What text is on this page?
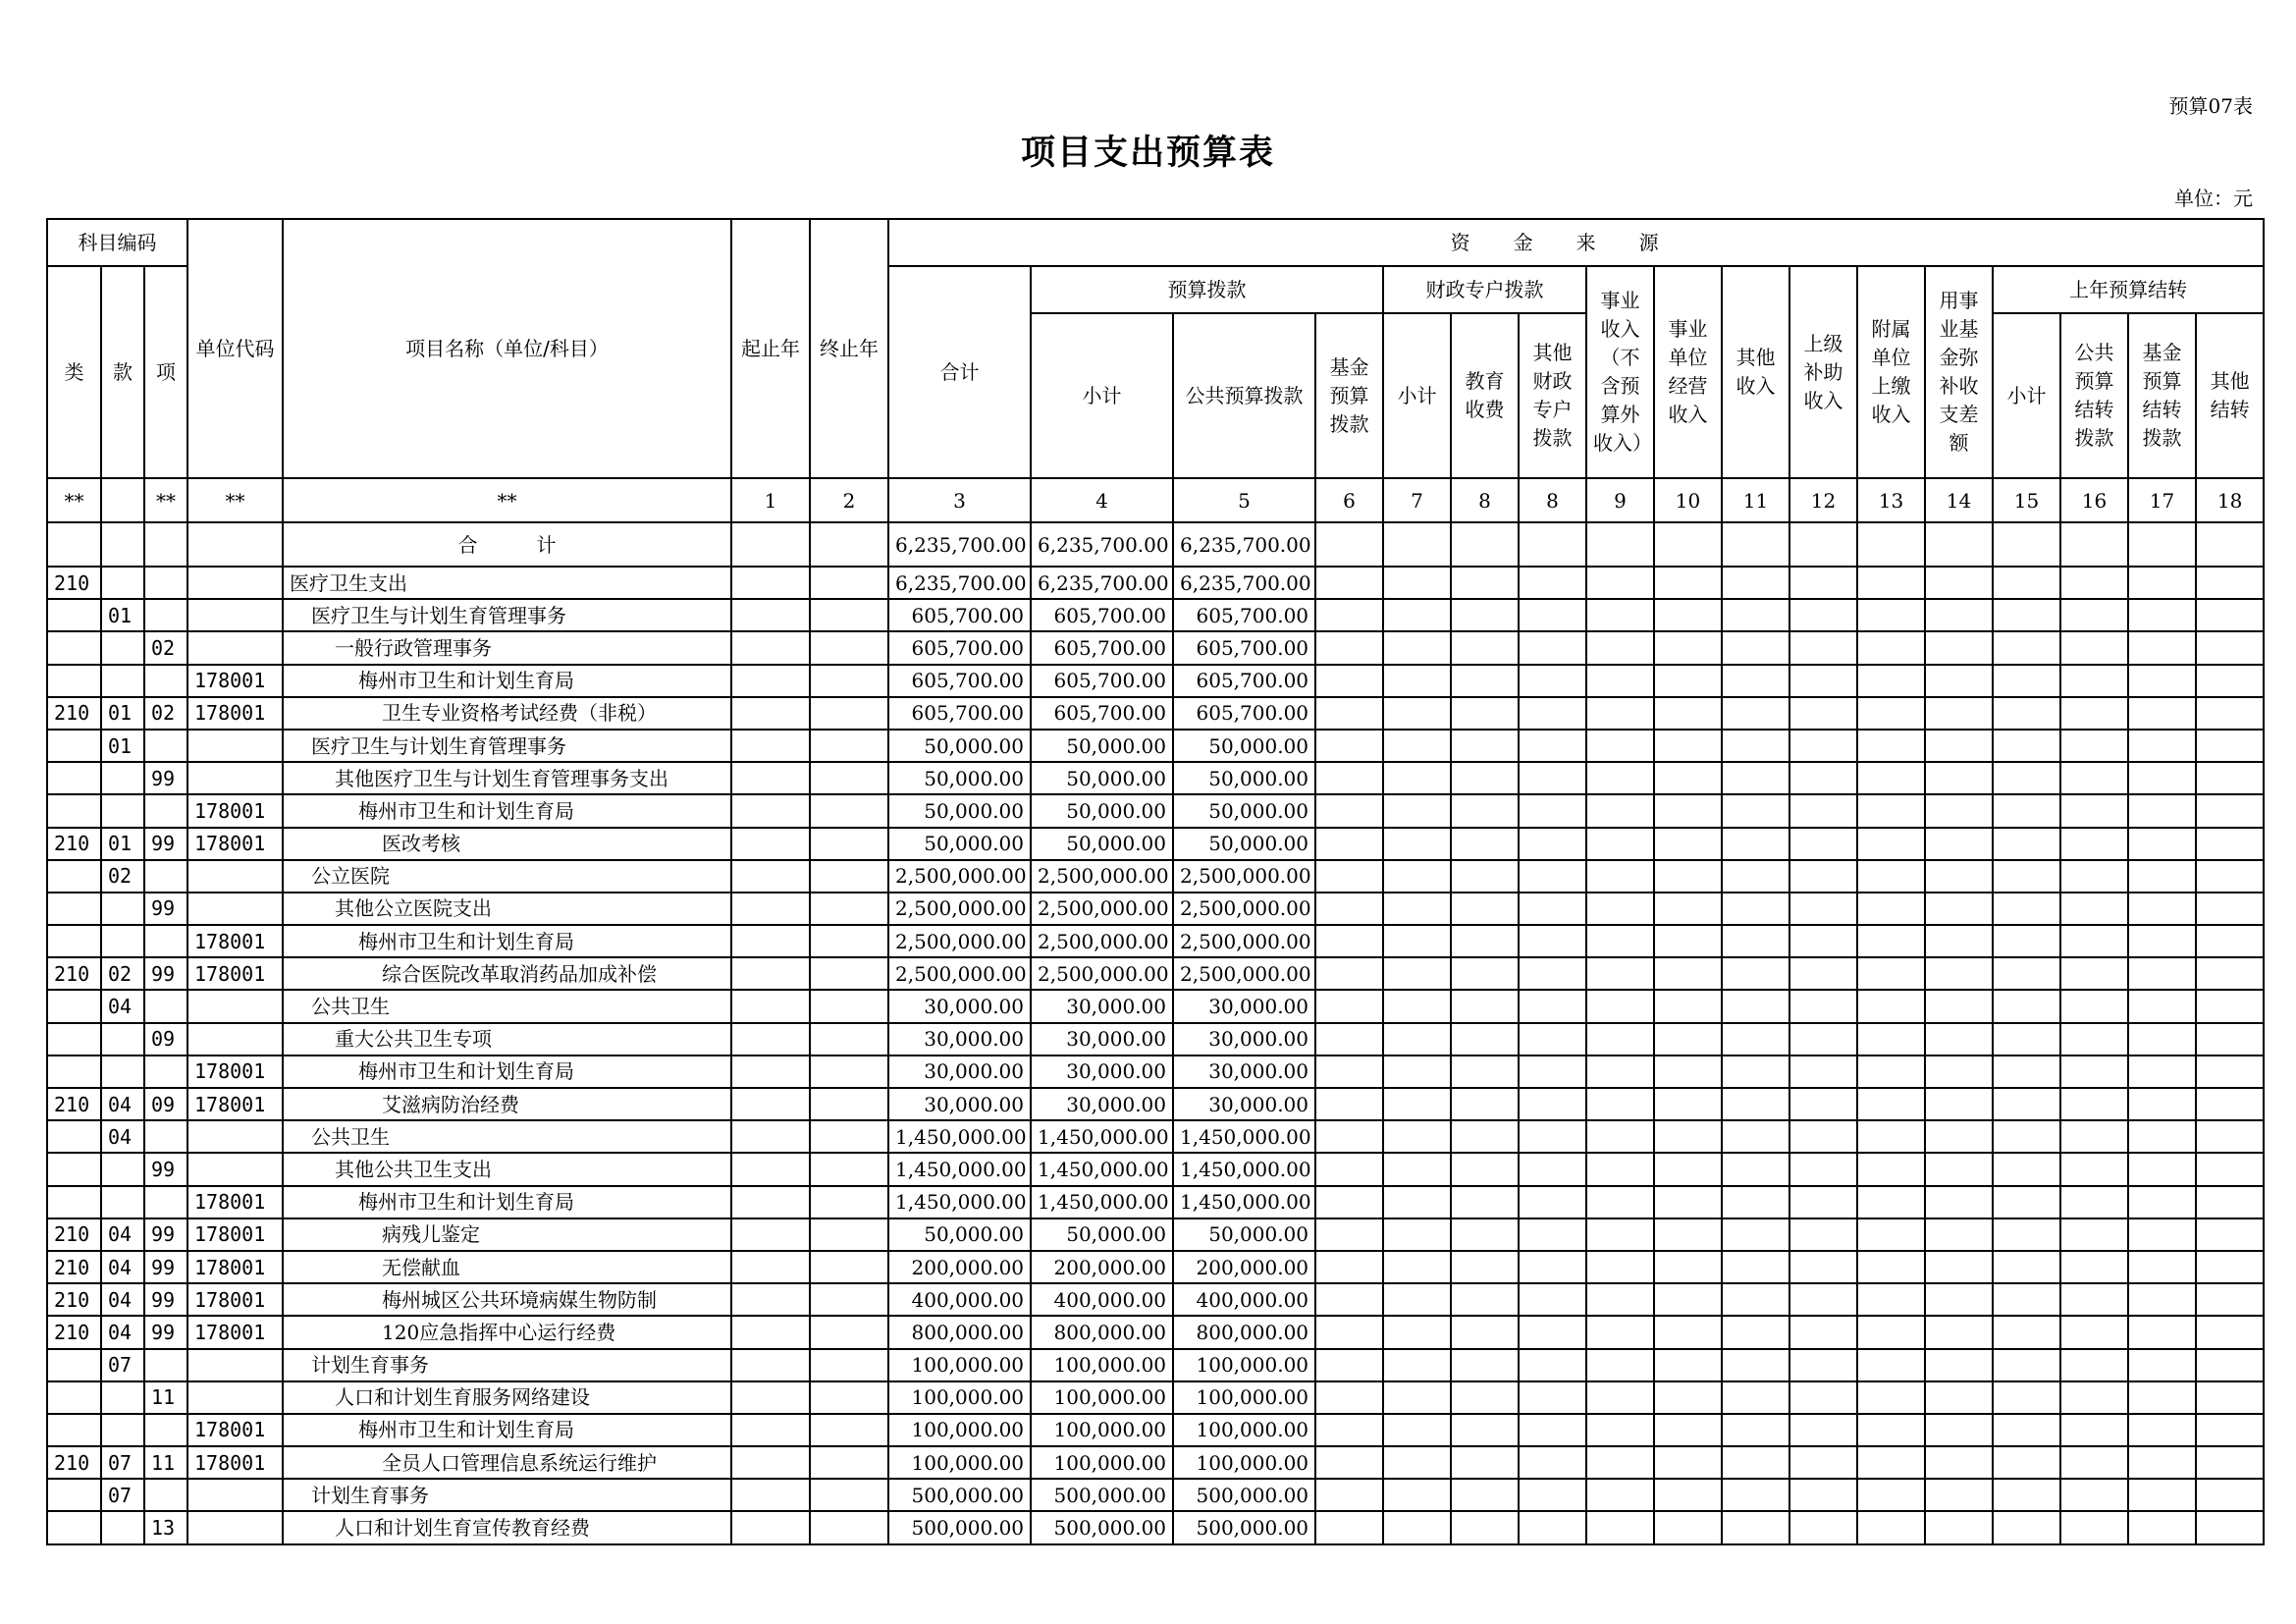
预算07表
项目支出预算表
单位：元
科目编码			单位代码	项目名称（单位/科目）	起止年	终止年	资金来源																
类	款	项					合计	预算拨款			财政专户拨款			事业收入（不含预算外收入）	事业单位经营收入	其他收入	上级补助收入	附属单位上缴收入	用事业基金弥补收支差额	上年预算结转			
								小计	公共预算拨款	基金预算拨款	小计	教育收费	其他财政专户拨款							小计	公共预算结转拨款	基金预算结转拨款	其他结转
**		**	**	**	1	2	3	4	5	6	7	8	8	9	10	11	12	13	14	15	16	17	18
				合　　　计			6,235,700.00	6,235,700.00	6,235,700.00														
210				医疗卫生支出			6,235,700.00	6,235,700.00	6,235,700.00														
	01			医疗卫生与计划生育管理事务			605,700.00	605,700.00	605,700.00														
		02		一般行政管理事务			605,700.00	605,700.00	605,700.00														
			178001	梅州市卫生和计划生育局			605,700.00	605,700.00	605,700.00														
210	01	02	178001	卫生专业资格考试经费（非税）			605,700.00	605,700.00	605,700.00														
	01			医疗卫生与计划生育管理事务			50,000.00	50,000.00	50,000.00														
		99		其他医疗卫生与计划生育管理事务支出			50,000.00	50,000.00	50,000.00														
			178001	梅州市卫生和计划生育局			50,000.00	50,000.00	50,000.00														
210	01	99	178001	医改考核			50,000.00	50,000.00	50,000.00														
	02			公立医院			2,500,000.00	2,500,000.00	2,500,000.00														
		99		其他公立医院支出			2,500,000.00	2,500,000.00	2,500,000.00														
			178001	梅州市卫生和计划生育局			2,500,000.00	2,500,000.00	2,500,000.00														
210	02	99	178001	综合医院改革取消药品加成补偿			2,500,000.00	2,500,000.00	2,500,000.00														
	04			公共卫生			30,000.00	30,000.00	30,000.00														
		09		重大公共卫生专项			30,000.00	30,000.00	30,000.00														
			178001	梅州市卫生和计划生育局			30,000.00	30,000.00	30,000.00														
210	04	09	178001	艾滋病防治经费			30,000.00	30,000.00	30,000.00														
	04			公共卫生			1,450,000.00	1,450,000.00	1,450,000.00														
		99		其他公共卫生支出			1,450,000.00	1,450,000.00	1,450,000.00														
			178001	梅州市卫生和计划生育局			1,450,000.00	1,450,000.00	1,450,000.00														
210	04	99	178001	病残儿鉴定			50,000.00	50,000.00	50,000.00														
210	04	99	178001	无偿献血			200,000.00	200,000.00	200,000.00														
210	04	99	178001	梅州城区公共环境病媒生物防制			400,000.00	400,000.00	400,000.00														
210	04	99	178001	120应急指挥中心运行经费			800,000.00	800,000.00	800,000.00														
	07			计划生育事务			100,000.00	100,000.00	100,000.00														
		11		人口和计划生育服务网络建设			100,000.00	100,000.00	100,000.00														
			178001	梅州市卫生和计划生育局			100,000.00	100,000.00	100,000.00														
210	07	11	178001	全员人口管理信息系统运行维护			100,000.00	100,000.00	100,000.00														
	07			计划生育事务			500,000.00	500,000.00	500,000.00														
		13		人口和计划生育宣传教育经费			500,000.00	500,000.00	500,000.00														
